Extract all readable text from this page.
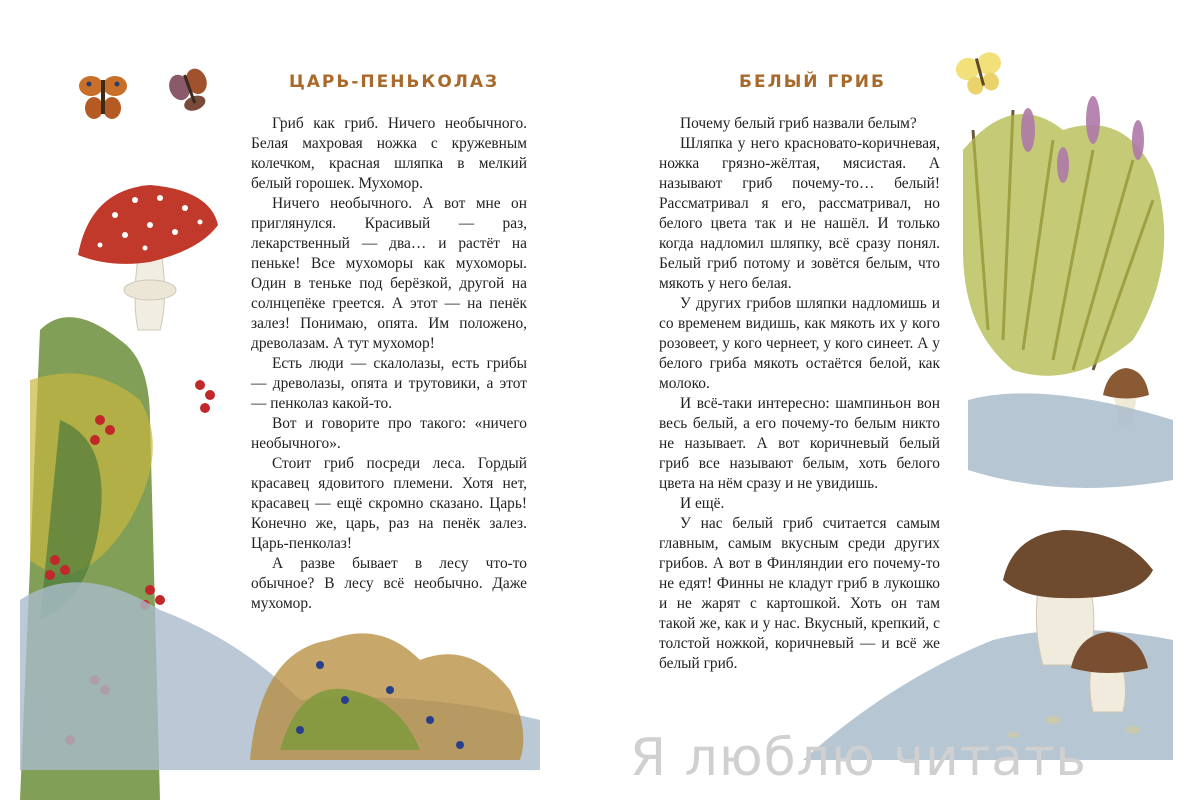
ЦАРЬ-ПЕНЬКОЛАЗ

Гриб как гриб. Ничего необычного. Белая махровая ножка с кружевным колечком, красная шляпка в мелкий белый горошек. Мухомор.

Ничего необычного. А вот мне он приглянулся. Красивый — раз, лекарственный — два… и растёт на пеньке! Все мухоморы как мухоморы. Один в теньке под берёзкой, другой на солнцепёке греется. А этот — на пенёк залез! Понимаю, опята. Им положено, древолазам. А тут мухомор!

Есть люди — скалолазы, есть грибы — древолазы, опята и трутовики, а этот — пенколаз какой-то.

Вот и говорите про такого: «ничего необычного».

Стоит гриб посреди леса. Гордый красавец ядовитого племени. Хотя нет, красавец — ещё скромно сказано. Царь! Конечно же, царь, раз на пенёк залез. Царь-пенколаз!

А разве бывает в лесу что-то обычное? В лесу всё необычно. Даже мухомор.

БЕЛЫЙ ГРИБ

Почему белый гриб назвали белым?

Шляпка у него красновато-коричневая, ножка грязно-жёлтая, мясистая. А называют гриб почему-то… белый! Рассматривал я его, рассматривал, но белого цвета так и не нашёл. И только когда надломил шляпку, всё сразу понял. Белый гриб потому и зовётся белым, что мякоть у него белая.

У других грибов шляпки надломишь и со временем видишь, как мякоть их у кого розовеет, у кого чернеет, у кого синеет. А у белого гриба мякоть остаётся белой, как молоко.

И всё-таки интересно: шампиньон вон весь белый, а его почему-то белым никто не называет. А вот коричневый белый гриб все называют белым, хоть белого цвета на нём сразу и не увидишь.

И ещё.

У нас белый гриб считается самым главным, самым вкусным среди других грибов. А вот в Финляндии его почему-то не едят! Финны не кладут гриб в лукошко и не жарят с картошкой. Хоть он там такой же, как и у нас. Вкусный, крепкий, с толстой ножкой, коричневый — и всё же белый гриб.

Я люблю читать
